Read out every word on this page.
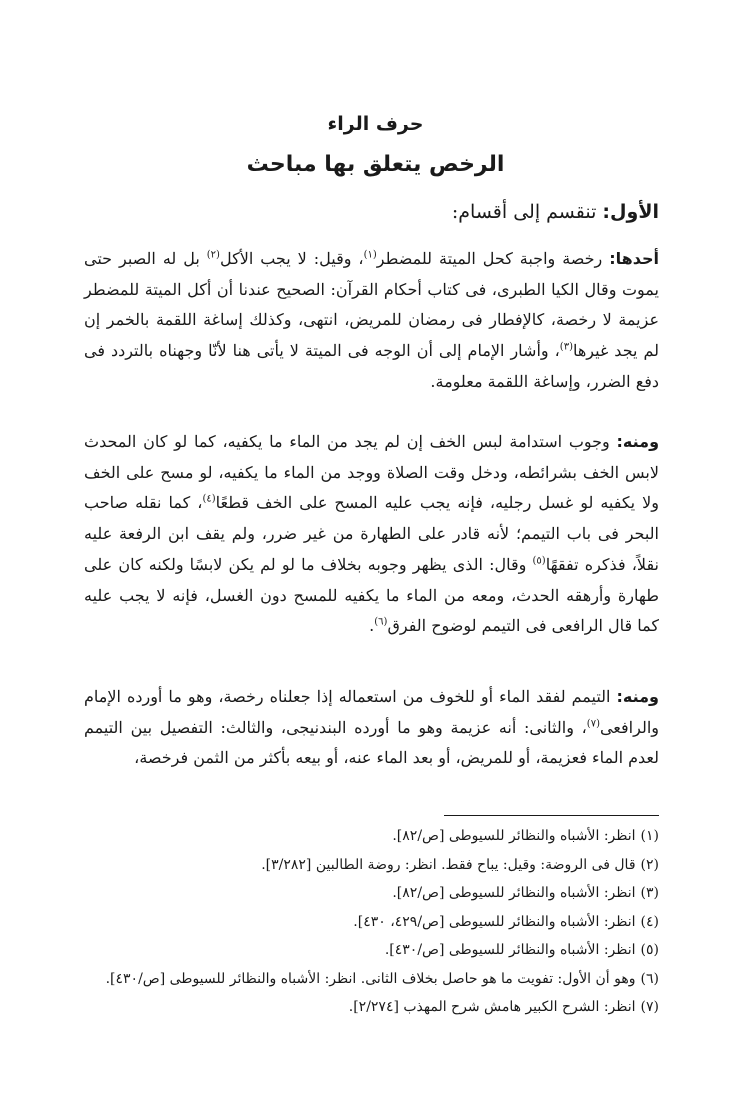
حرف الراء
الرخص يتعلق بها مباحث
الأول: تنقسم إلى أقسام:

أحدها: رخصة واجبة كحل الميتة للمضطر$^{(١)}$، وقيل: لا يجب الأكل$^{(٢)}$ بل له الصبر حتى يموت وقال الكيا الطبرى، فى كتاب أحكام القرآن: الصحيح عندنا أن أكل الميتة للمضطر عزيمة لا رخصة، كالإفطار فى رمضان للمريض، انتهى، وكذلك إساغة اللقمة بالخمر إن لم يجد غيرها$^{(٣)}$، وأشار الإمام إلى أن الوجه فى الميتة لا يأتى هنا لأنّا وجهناه بالتردد فى دفع الضرر، وإساغة اللقمة معلومة.

ومنه: وجوب استدامة لبس الخف إن لم يجد من الماء ما يكفيه، كما لو كان المحدث لابس الخف بشرائطه، ودخل وقت الصلاة ووجد من الماء ما يكفيه، لو مسح على الخف ولا يكفيه لو غسل رجليه، فإنه يجب عليه المسح على الخف قطعًا$^{(٤)}$، كما نقله صاحب البحر فى باب التيمم؛ لأنه قادر على الطهارة من غير ضرر، ولم يقف ابن الرفعة عليه نقلاً، فذكره تفقهًا$^{(٥)}$ وقال: الذى يظهر وجوبه بخلاف ما لو لم يكن لابسًا ولكنه كان على طهارة وأرهقه الحدث، ومعه من الماء ما يكفيه للمسح دون الغسل، فإنه لا يجب عليه كما قال الرافعى فى التيمم لوضوح الفرق$^{(٦)}$.

ومنه: التيمم لفقد الماء أو للخوف من استعماله إذا جعلناه رخصة، وهو ما أورده الإمام والرافعى$^{(٧)}$، والثانى: أنه عزيمة وهو ما أورده البندنيجى، والثالث: التفصيل بين التيمم لعدم الماء فعزيمة، أو للمريض، أو بعد الماء عنه، أو بيعه بأكثر من الثمن فرخصة،

(١)
انظر: الأشباه والنظائر للسيوطى [ص/٨٢].
(٢)
قال فى الروضة: وقيل: يباح فقط. انظر: روضة الطالبين [٣/٢٨٢].
(٣)
انظر: الأشباه والنظائر للسيوطى [ص/٨٢].
(٤)
انظر: الأشباه والنظائر للسيوطى [ص/٤٢٩، ٤٣٠].
(٥)
انظر: الأشباه والنظائر للسيوطى [ص/٤٣٠].
(٦)
وهو أن الأول: تفويت ما هو حاصل بخلاف الثانى. انظر: الأشباه والنظائر للسيوطى [ص/٤٣٠].
(٧)
انظر: الشرح الكبير هامش شرح المهذب [٢/٢٧٤].
